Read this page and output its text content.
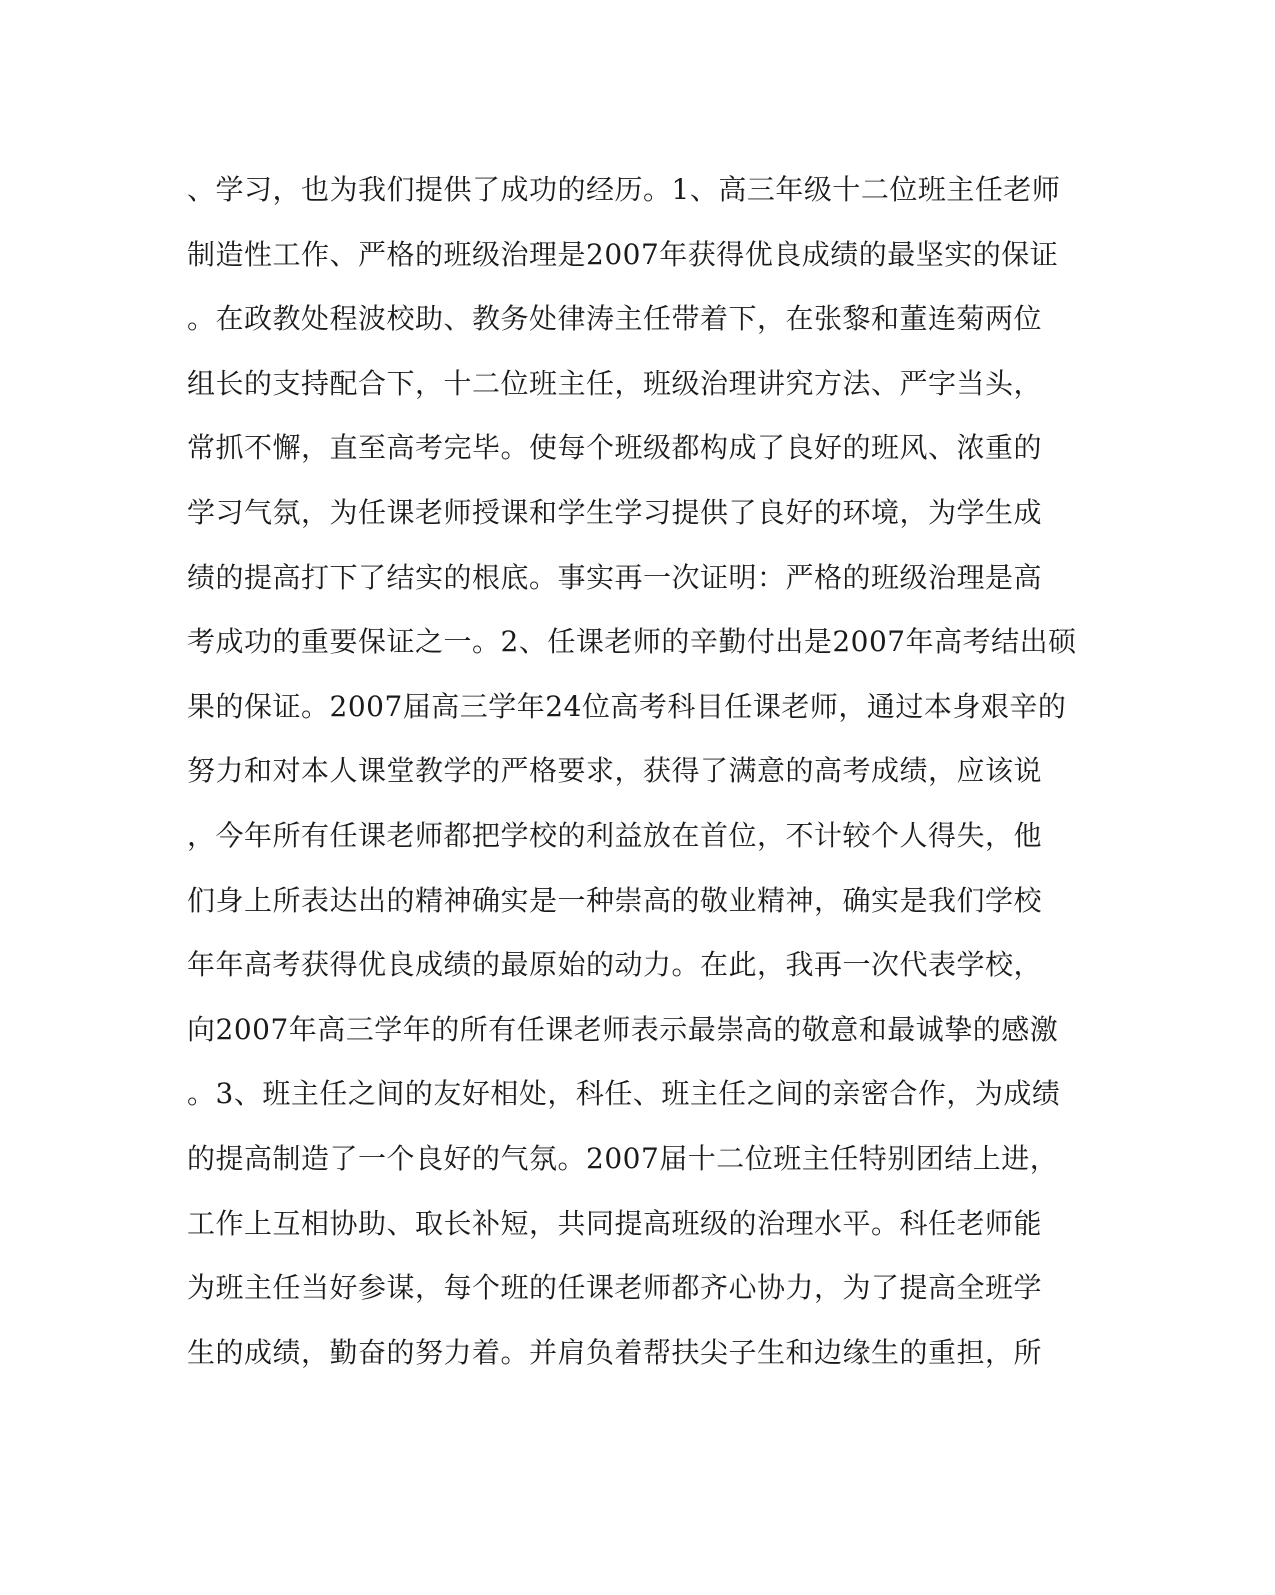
、学习，也为我们提供了成功的经历。1、高三年级十二位班主任老师
制造性工作、严格的班级治理是2007年获得优良成绩的最坚实的保证
。在政教处程波校助、教务处律涛主任带着下，在张黎和董连菊两位
组长的支持配合下，十二位班主任，班级治理讲究方法、严字当头，
常抓不懈，直至高考完毕。使每个班级都构成了良好的班风、浓重的
学习气氛，为任课老师授课和学生学习提供了良好的环境，为学生成
绩的提高打下了结实的根底。事实再一次证明：严格的班级治理是高
考成功的重要保证之一。2、任课老师的辛勤付出是2007年高考结出硕
果的保证。2007届高三学年24位高考科目任课老师，通过本身艰辛的
努力和对本人课堂教学的严格要求，获得了满意的高考成绩，应该说
，今年所有任课老师都把学校的利益放在首位，不计较个人得失，他
们身上所表达出的精神确实是一种崇高的敬业精神，确实是我们学校
年年高考获得优良成绩的最原始的动力。在此，我再一次代表学校，
向2007年高三学年的所有任课老师表示最崇高的敬意和最诚挚的感激
。3、班主任之间的友好相处，科任、班主任之间的亲密合作，为成绩
的提高制造了一个良好的气氛。2007届十二位班主任特别团结上进，
工作上互相协助、取长补短，共同提高班级的治理水平。科任老师能
为班主任当好参谋，每个班的任课老师都齐心协力，为了提高全班学
生的成绩，勤奋的努力着。并肩负着帮扶尖子生和边缘生的重担，所
